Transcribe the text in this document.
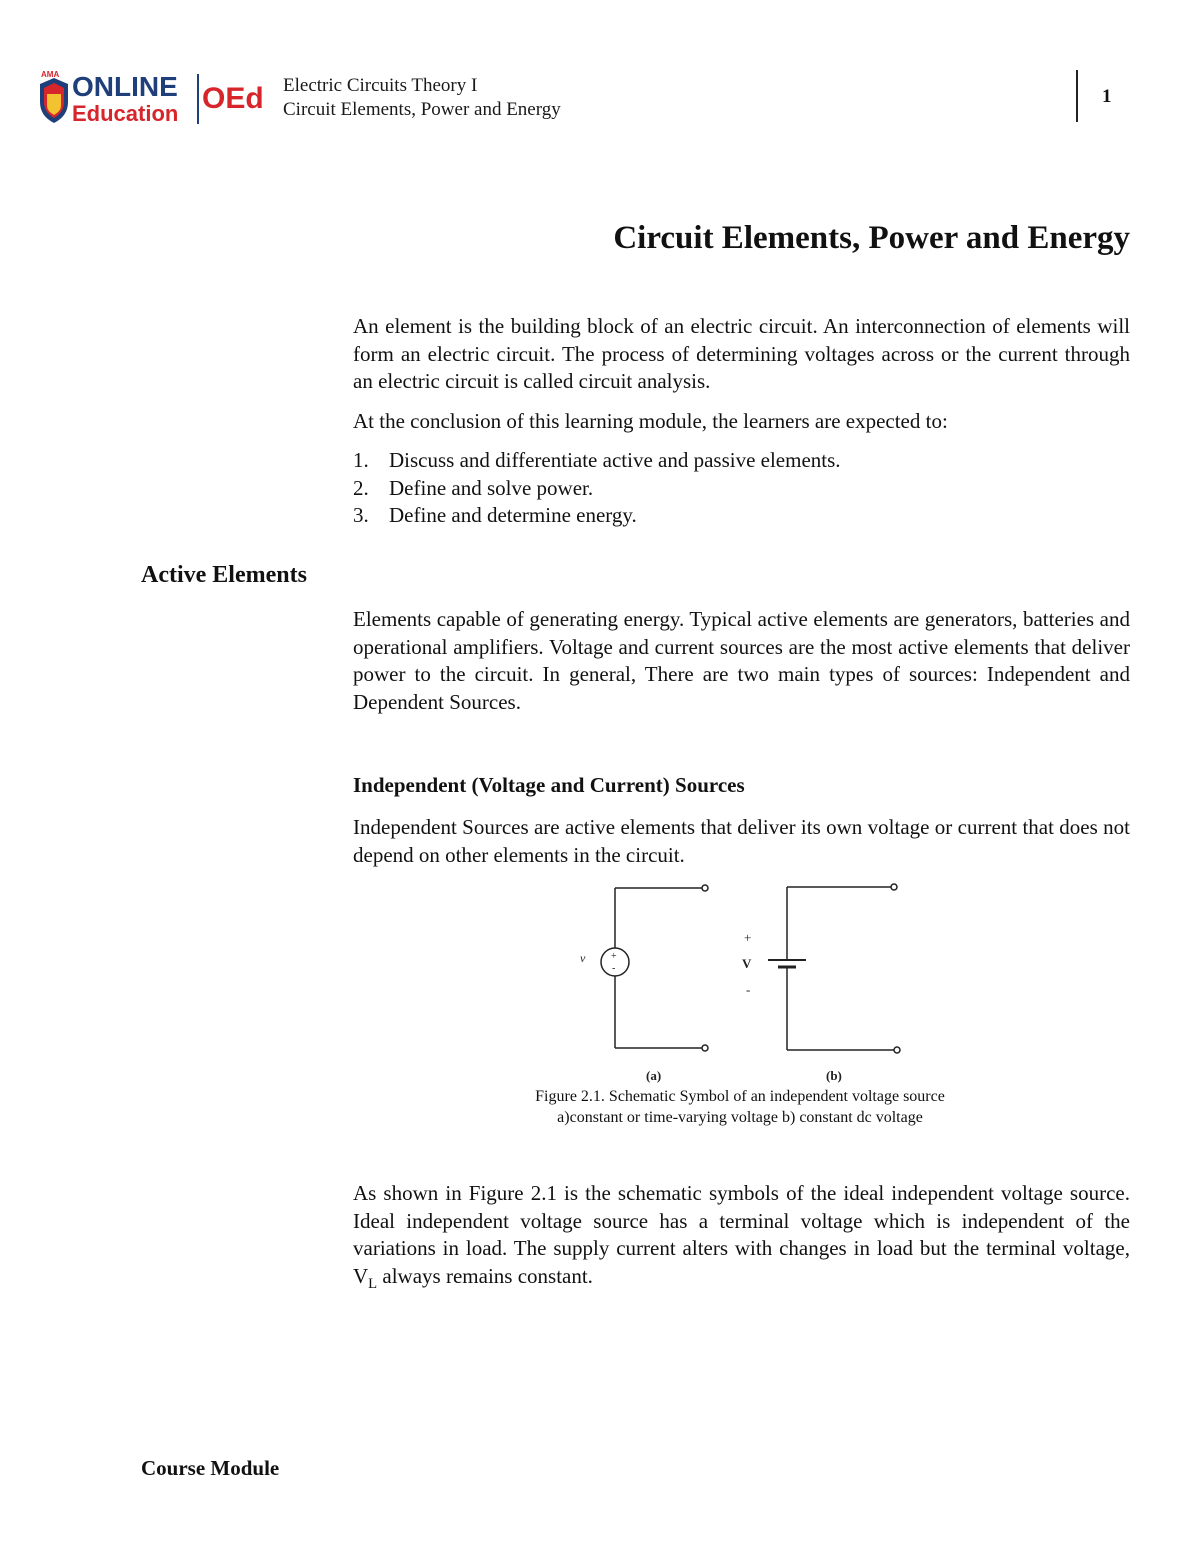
AMA ONLINE
Education OEd Electric Circuits Theory I
Circuit Elements, Power and Energy
1
Circuit Elements, Power and Energy

An element is the building block of an electric circuit. An interconnection of elements will form an electric circuit. The process of determining voltages across or the current through an electric circuit is called circuit analysis.

At the conclusion of this learning module, the learners are expected to:

1. Discuss and differentiate active and passive elements.
2. Define and solve power.
3. Define and determine energy.
Active Elements

Elements capable of generating energy. Typical active elements are generators, batteries and operational amplifiers. Voltage and current sources are the most active elements that deliver power to the circuit. In general, There are two main types of sources: Independent and Dependent Sources.

Independent (Voltage and Current) Sources

Independent Sources are active elements that deliver its own voltage or current that does not depend on other elements in the circuit.

v	+
-
+
V
-
(a)	(b)
Figure 2.1. Schematic Symbol of an independent voltage source
a)constant or time-varying voltage b) constant dc voltage

As shown in Figure 2.1 is the schematic symbols of the ideal independent voltage source. Ideal independent voltage source has a terminal voltage which is independent of the variations in load. The supply current alters with changes in load but the terminal voltage, $V_L$ always remains constant.

Course Module
